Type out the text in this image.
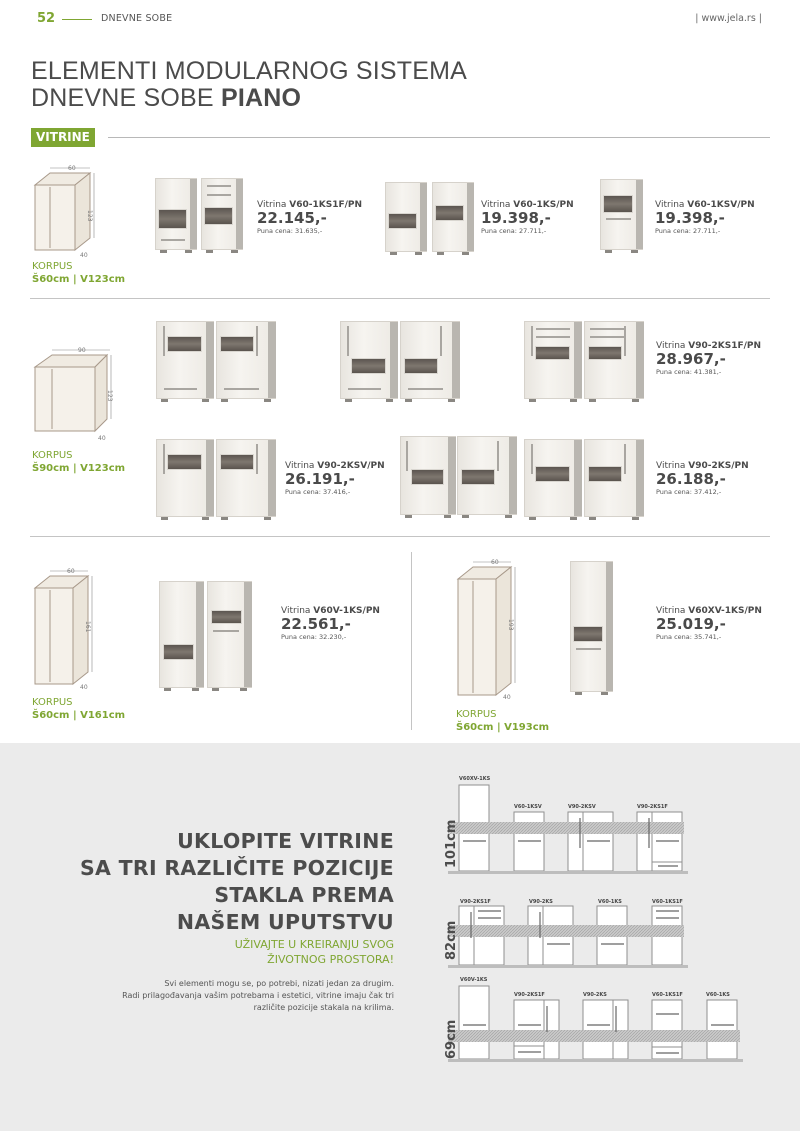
52	DNEVNE SOBE	| www.jela.rs |
ELEMENTI MODULARNOG SISTEMA
DNEVNE SOBE PIANO
VITRINE
60
123
40
KORPUS
Š60cm | V123cm
Vitrina V60-1KS1F/PN
22.145,-
Puna cena: 31.635,-
Vitrina V60-1KS/PN
19.398,-
Puna cena: 27.711,-
Vitrina V60-1KSV/PN
19.398,-
Puna cena: 27.711,-
90
123
40
KORPUS
Š90cm | V123cm
Vitrina V90-2KS1F/PN
28.967,-
Puna cena: 41.381,-
Vitrina V90-2KSV/PN
26.191,-
Puna cena: 37.416,-
Vitrina V90-2KS/PN
26.188,-
Puna cena: 37.412,-
60
161
40
KORPUS
Š60cm | V161cm
Vitrina V60V-1KS/PN
22.561,-
Puna cena: 32.230,-
60
193
40
KORPUS
Š60cm | V193cm
Vitrina V60XV-1KS/PN
25.019,-
Puna cena: 35.741,-
UKLOPITE VITRINE
SA TRI RAZLIČITE POZICIJE
STAKLA PREMA
NAŠEM UPUTSTVU
UŽIVAJTE U KREIRANJU SVOG
ŽIVOTNOG PROSTORA!
Svi elementi mogu se, po potrebi, nizati jedan za drugim.
Radi prilagođavanja vašim potrebama i estetici, vitrine imaju čak tri
različite pozicije stakala na krilima.
V60XV-1KS
V60-1KSV	V90-2KSV	V90-2KS1F
101cm
V90-2KS1F	V90-2KS	V60-1KS	V60-1KS1F
82cm
V60V-1KS
V90-2KS1F	V90-2KS	V60-1KS1F	V60-1KS
69cm
